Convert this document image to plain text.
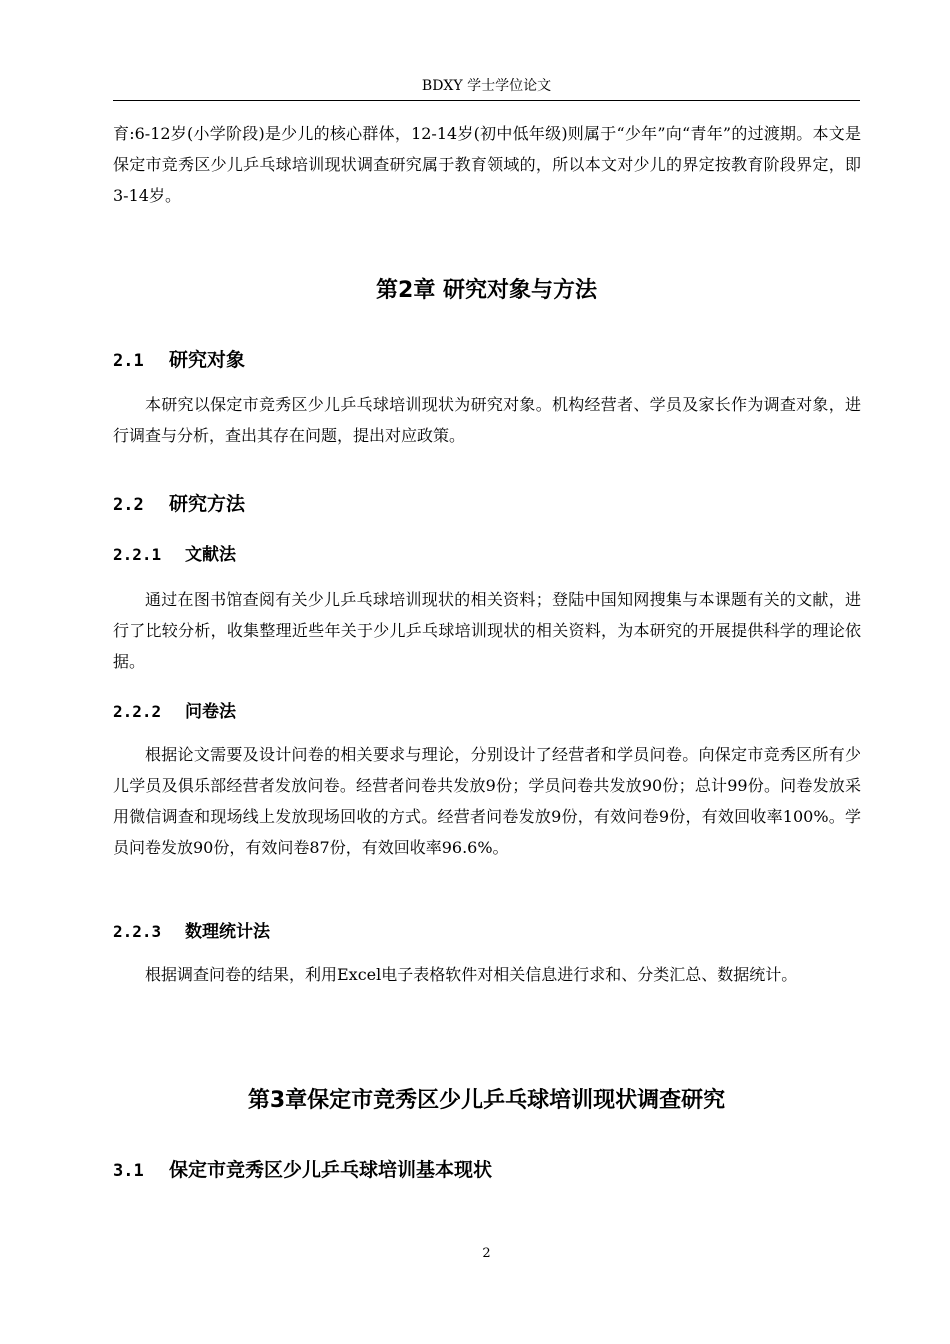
BDXY 学士学位论文

育:6-12岁(小学阶段)是少儿的核心群体，12-14岁(初中低年级)则属于“少年”向“青年”的过渡期。本文是保定市竞秀区少儿乒乓球培训现状调查研究属于教育领域的，所以本文对少儿的界定按教育阶段界定，即3-14岁。

第2章 研究对象与方法
2.1 研究对象

本研究以保定市竞秀区少儿乒乓球培训现状为研究对象。机构经营者、学员及家长作为调查对象，进行调查与分析，查出其存在问题，提出对应政策。

2.2 研究方法
2.2.1 文献法

通过在图书馆查阅有关少儿乒乓球培训现状的相关资料；登陆中国知网搜集与本课题有关的文献，进行了比较分析，收集整理近些年关于少儿乒乓球培训现状的相关资料，为本研究的开展提供科学的理论依据。

2.2.2 问卷法

根据论文需要及设计问卷的相关要求与理论，分别设计了经营者和学员问卷。向保定市竞秀区所有少儿学员及俱乐部经营者发放问卷。经营者问卷共发放9份；学员问卷共发放90份；总计99份。问卷发放采用微信调查和现场线上发放现场回收的方式。经营者问卷发放9份，有效问卷9份，有效回收率100%。学员问卷发放90份，有效问卷87份，有效回收率96.6%。

2.2.3 数理统计法

根据调查问卷的结果，利用Excel电子表格软件对相关信息进行求和、分类汇总、数据统计。

第3章保定市竞秀区少儿乒乓球培训现状调查研究
3.1 保定市竞秀区少儿乒乓球培训基本现状
2
